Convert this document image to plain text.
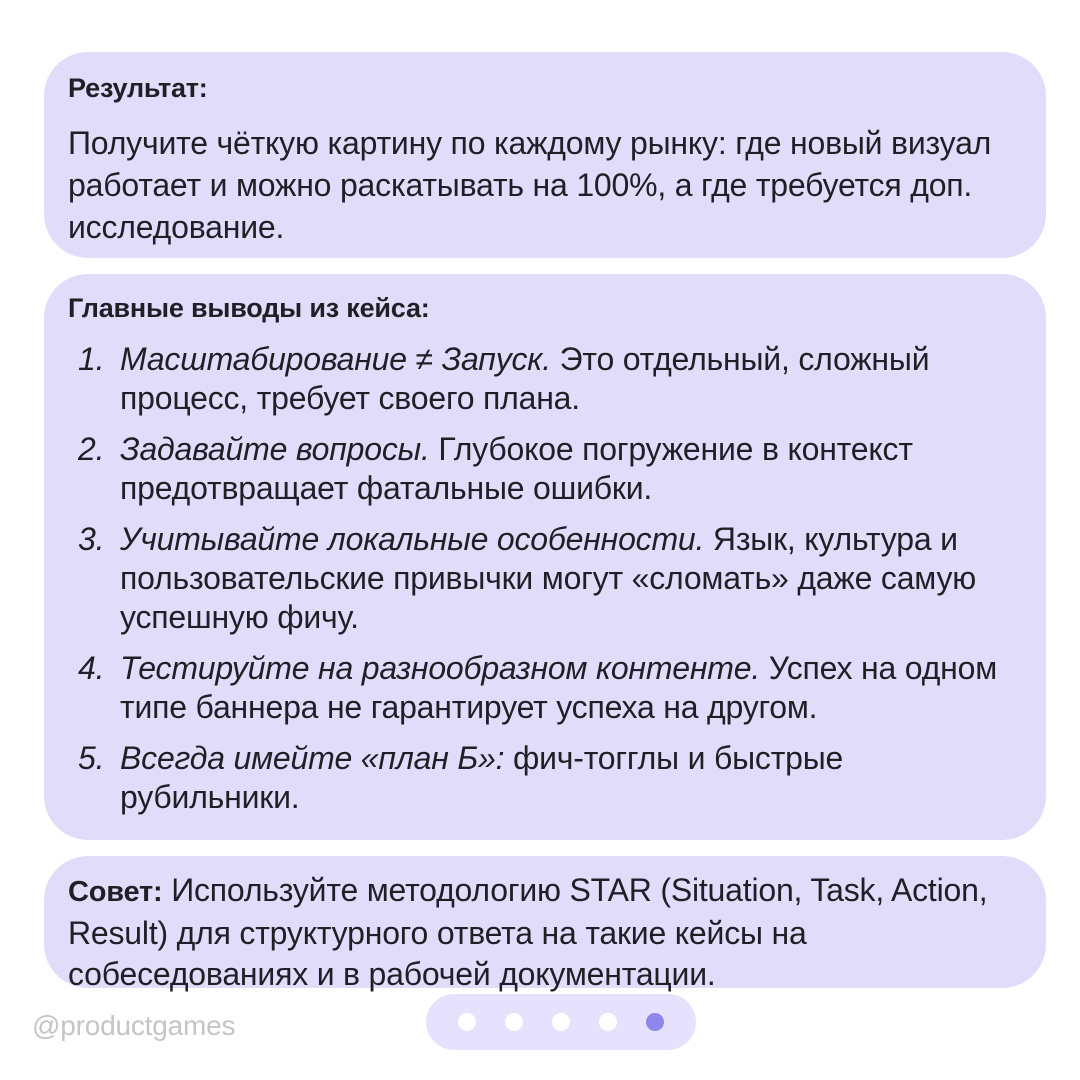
Результат:

Получите чёткую картину по каждому рынку: где новый визуал работает и можно раскатывать на 100%, а где требуется доп. исследование.

Главные выводы из кейса:
1. Масштабирование ≠ Запуск. Это отдельный, сложный процесс, требует своего плана.
2. Задавайте вопросы. Глубокое погружение в контекст предотвращает фатальные ошибки.
3. Учитывайте локальные особенности. Язык, культура и пользовательские привычки могут «сломать» даже самую успешную фичу.
4. Тестируйте на разнообразном контенте. Успех на одном типе баннера не гарантирует успеха на другом.
5. Всегда имейте «план Б»: фич-тогглы и быстрые рубильники.

Совет: Используйте методологию STAR (Situation, Task, Action, Result) для структурного ответа на такие кейсы на собеседованиях и в рабочей документации.

@productgames
